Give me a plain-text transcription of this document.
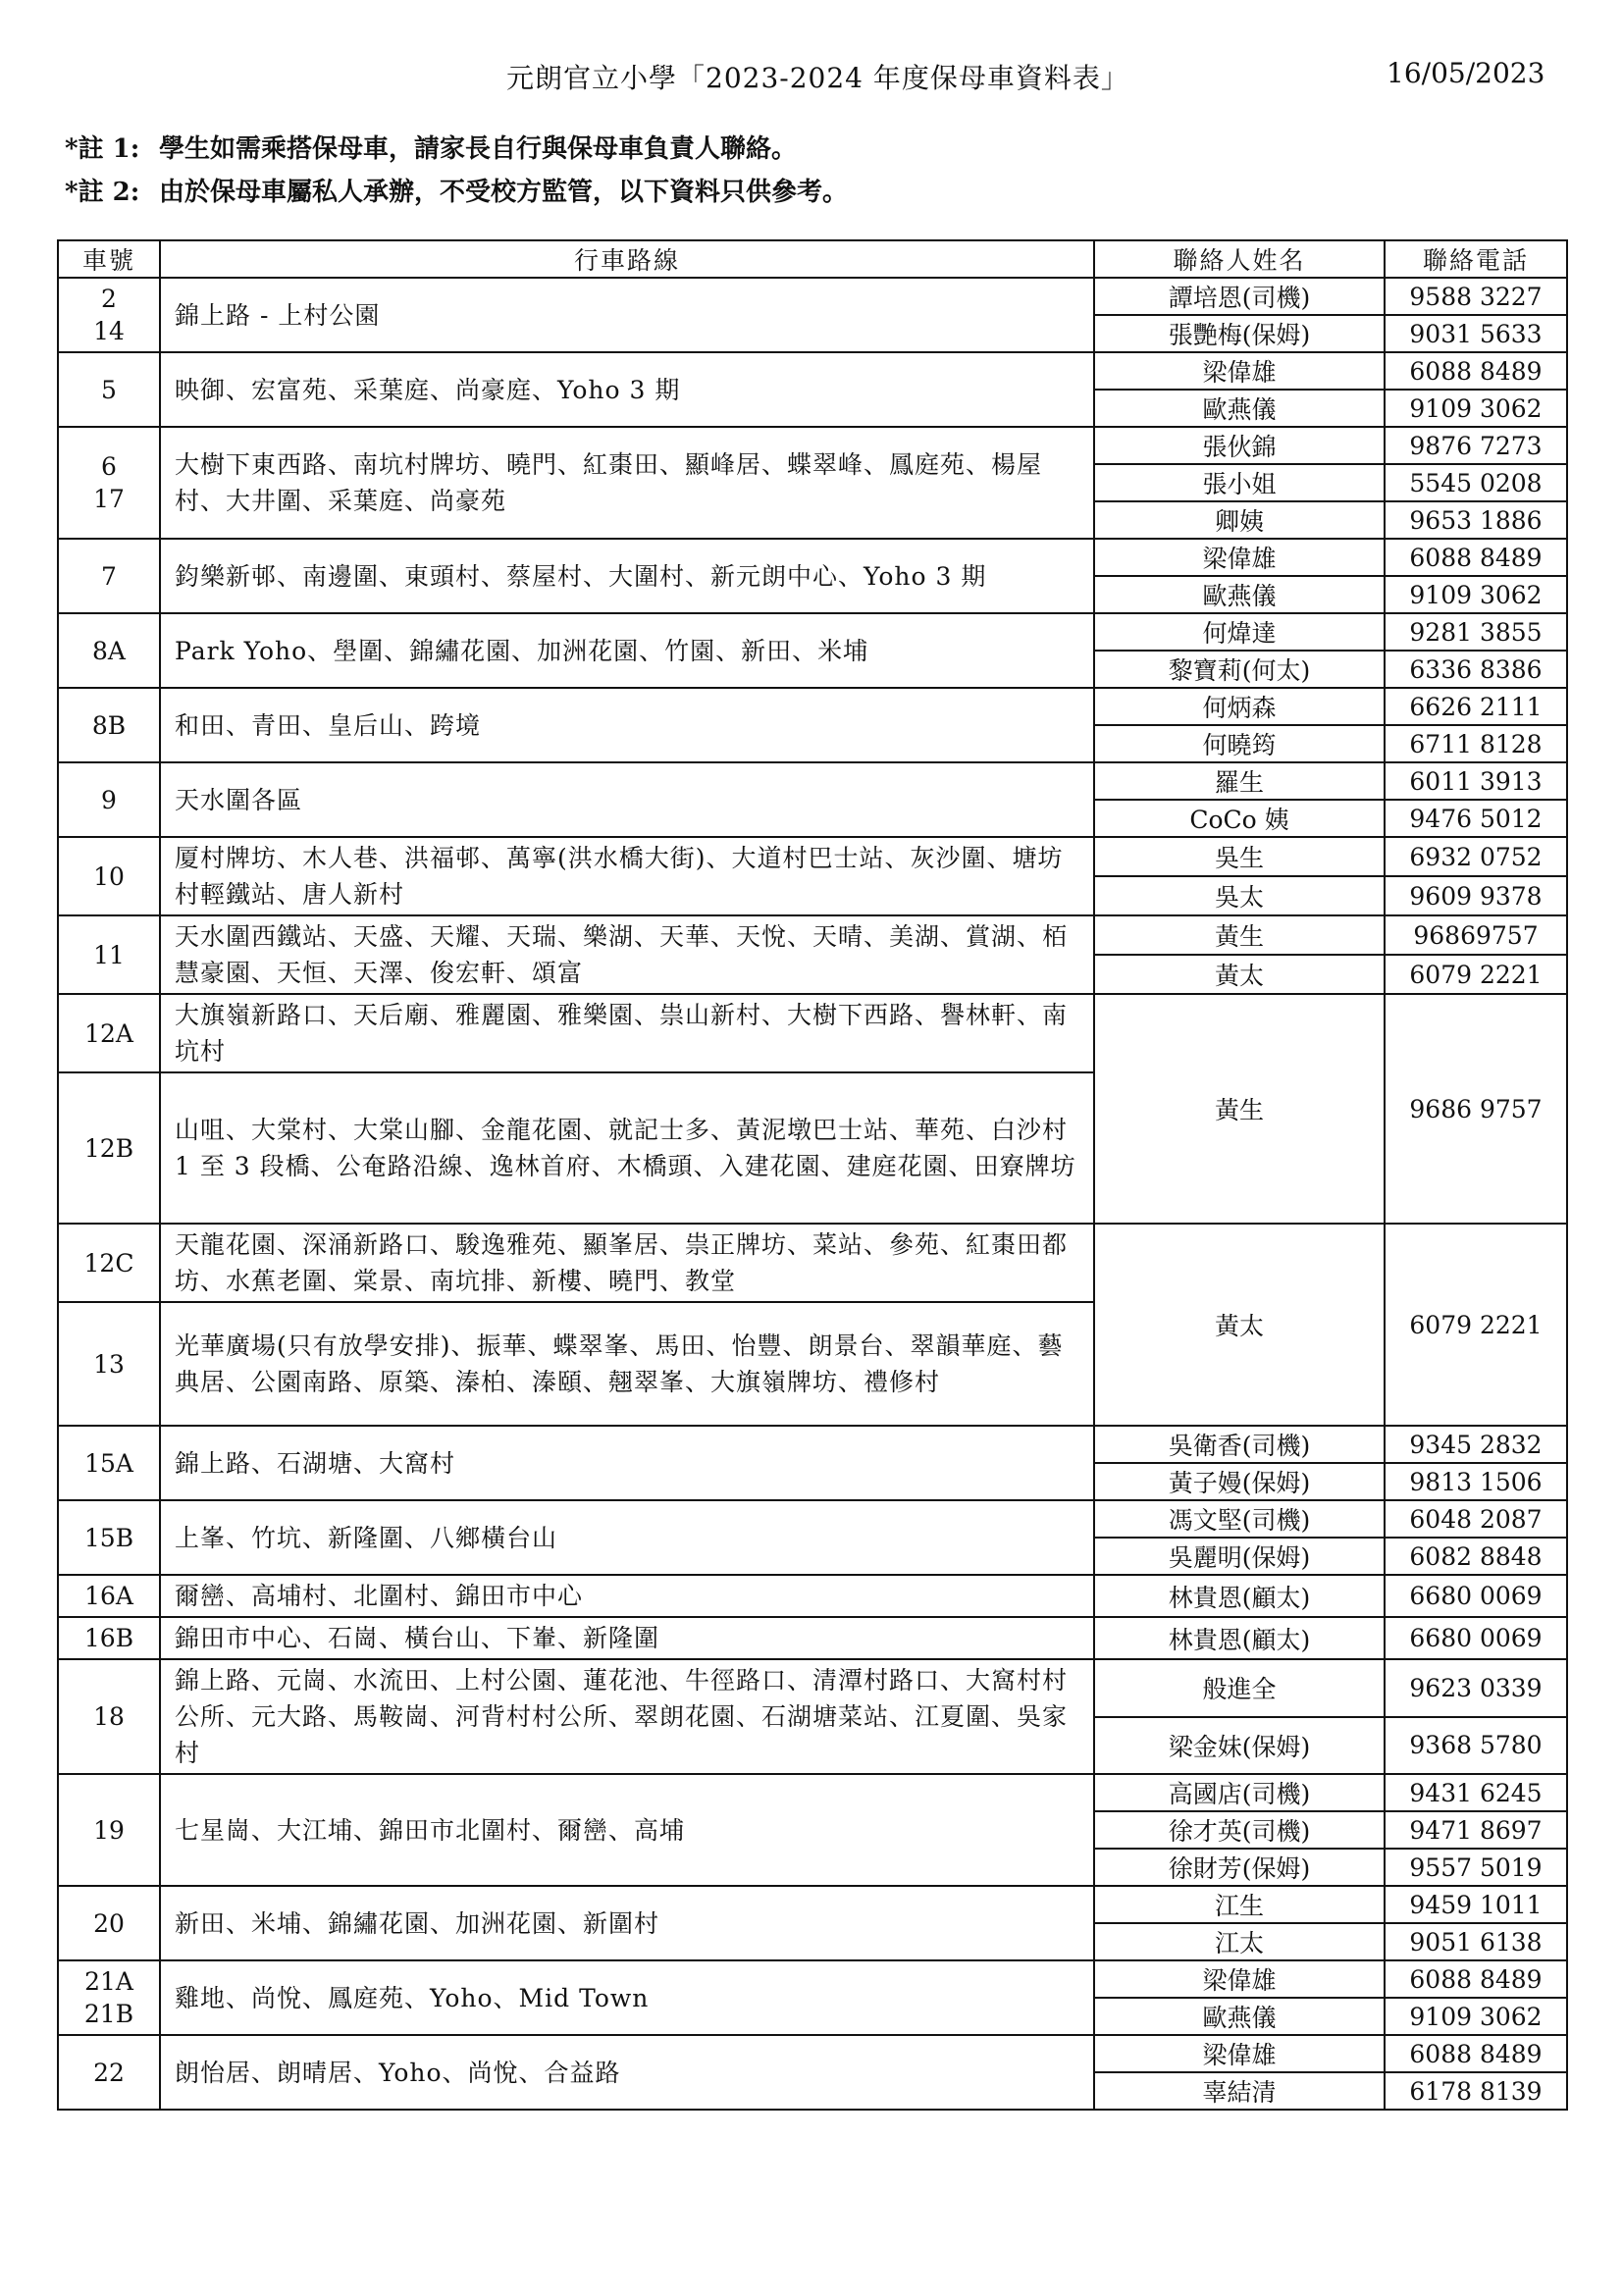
元朗官立小學「2023-2024 年度保母車資料表」	16/05/2023
*註 1: 學生如需乘搭保母車，請家長自行與保母車負責人聯絡。
*註 2: 由於保母車屬私人承辦，不受校方監管，以下資料只供參考。
車號	行車路線	聯絡人姓名	聯絡電話

2
14	錦上路 - 上村公園	譚培恩(司機)	9588 3227
		張艷梅(保姆)	9031 5633

5	映御、宏富苑、采葉庭、尚豪庭、Yoho 3 期	梁偉雄	6088 8489
		歐燕儀	9109 3062

6
17	大樹下東西路、南坑村牌坊、曉門、紅棗田、顯峰居、蝶翠峰、鳳庭苑、楊屋村、大井圍、采葉庭、尚豪苑	張伙錦	9876 7273
		張小姐	5545 0208
		卿姨	9653 1886

7	鈞樂新邨、南邊圍、東頭村、蔡屋村、大圍村、新元朗中心、Yoho 3 期	梁偉雄	6088 8489
		歐燕儀	9109 3062

8A	Park Yoho、壆圍、錦繡花園、加洲花園、竹園、新田、米埔	何煒達	9281 3855
		黎寶莉(何太)	6336 8386

8B	和田、青田、皇后山、跨境	何炳森	6626 2111
		何曉筠	6711 8128

9	天水圍各區	羅生	6011 3913
		CoCo 姨	9476 5012

10	厦村牌坊、木人巷、洪福邨、萬寧(洪水橋大街)、大道村巴士站、灰沙圍、塘坊村輕鐵站、唐人新村	吳生	6932 0752
		吳太	9609 9378

11	天水圍西鐵站、天盛、天耀、天瑞、樂湖、天華、天悅、天晴、美湖、賞湖、栢慧豪園、天恒、天澤、俊宏軒、頌富	黃生	96869757
		黃太	6079 2221

12A	大旗嶺新路口、天后廟、雅麗園、雅樂園、祟山新村、大樹下西路、譽林軒、南坑村	黃生	9686 9757

12B	山咀、大棠村、大棠山腳、金龍花園、就記士多、黃泥墩巴士站、華苑、白沙村 1 至 3 段橋、公奄路沿線、逸林首府、木橋頭、入建花園、建庭花園、田寮牌坊		

12C	天龍花園、深涌新路口、駿逸雅苑、顯峯居、祟正牌坊、菜站、參苑、紅棗田都坊、水蕉老圍、棠景、南坑排、新樓、曉門、教堂	黃太	6079 2221

13	光華廣場(只有放學安排)、振華、蝶翠峯、馬田、怡豐、朗景台、翠韻華庭、藝典居、公園南路、原築、溱柏、溱頤、翹翠峯、大旗嶺牌坊、禮修村		

15A	錦上路、石湖塘、大窩村	吳衛香(司機)	9345 2832
		黃子嫚(保姆)	9813 1506

15B	上峯、竹坑、新隆圍、八鄉橫台山	馮文堅(司機)	6048 2087
		吳麗明(保姆)	6082 8848

16A	爾巒、高埔村、北圍村、錦田市中心	林貴恩(顧太)	6680 0069

16B	錦田市中心、石崗、橫台山、下輋、新隆圍	林貴恩(顧太)	6680 0069

18	錦上路、元崗、水流田、上村公園、蓮花池、牛徑路口、清潭村路口、大窩村村公所、元大路、馬鞍崗、河背村村公所、翠朗花園、石湖塘菜站、江夏圍、吳家村	般進全	9623 0339
		梁金妹(保姆)	9368 5780

19	七星崗、大江埔、錦田市北圍村、爾巒、高埔	高國店(司機)	9431 6245
		徐才英(司機)	9471 8697
		徐財芳(保姆)	9557 5019

20	新田、米埔、錦繡花園、加洲花園、新圍村	江生	9459 1011
		江太	9051 6138

21A
21B	雞地、尚悅、鳳庭苑、Yoho、Mid Town	梁偉雄	6088 8489
		歐燕儀	9109 3062

22	朗怡居、朗晴居、Yoho、尚悅、合益路	梁偉雄	6088 8489
		辜結清	6178 8139
